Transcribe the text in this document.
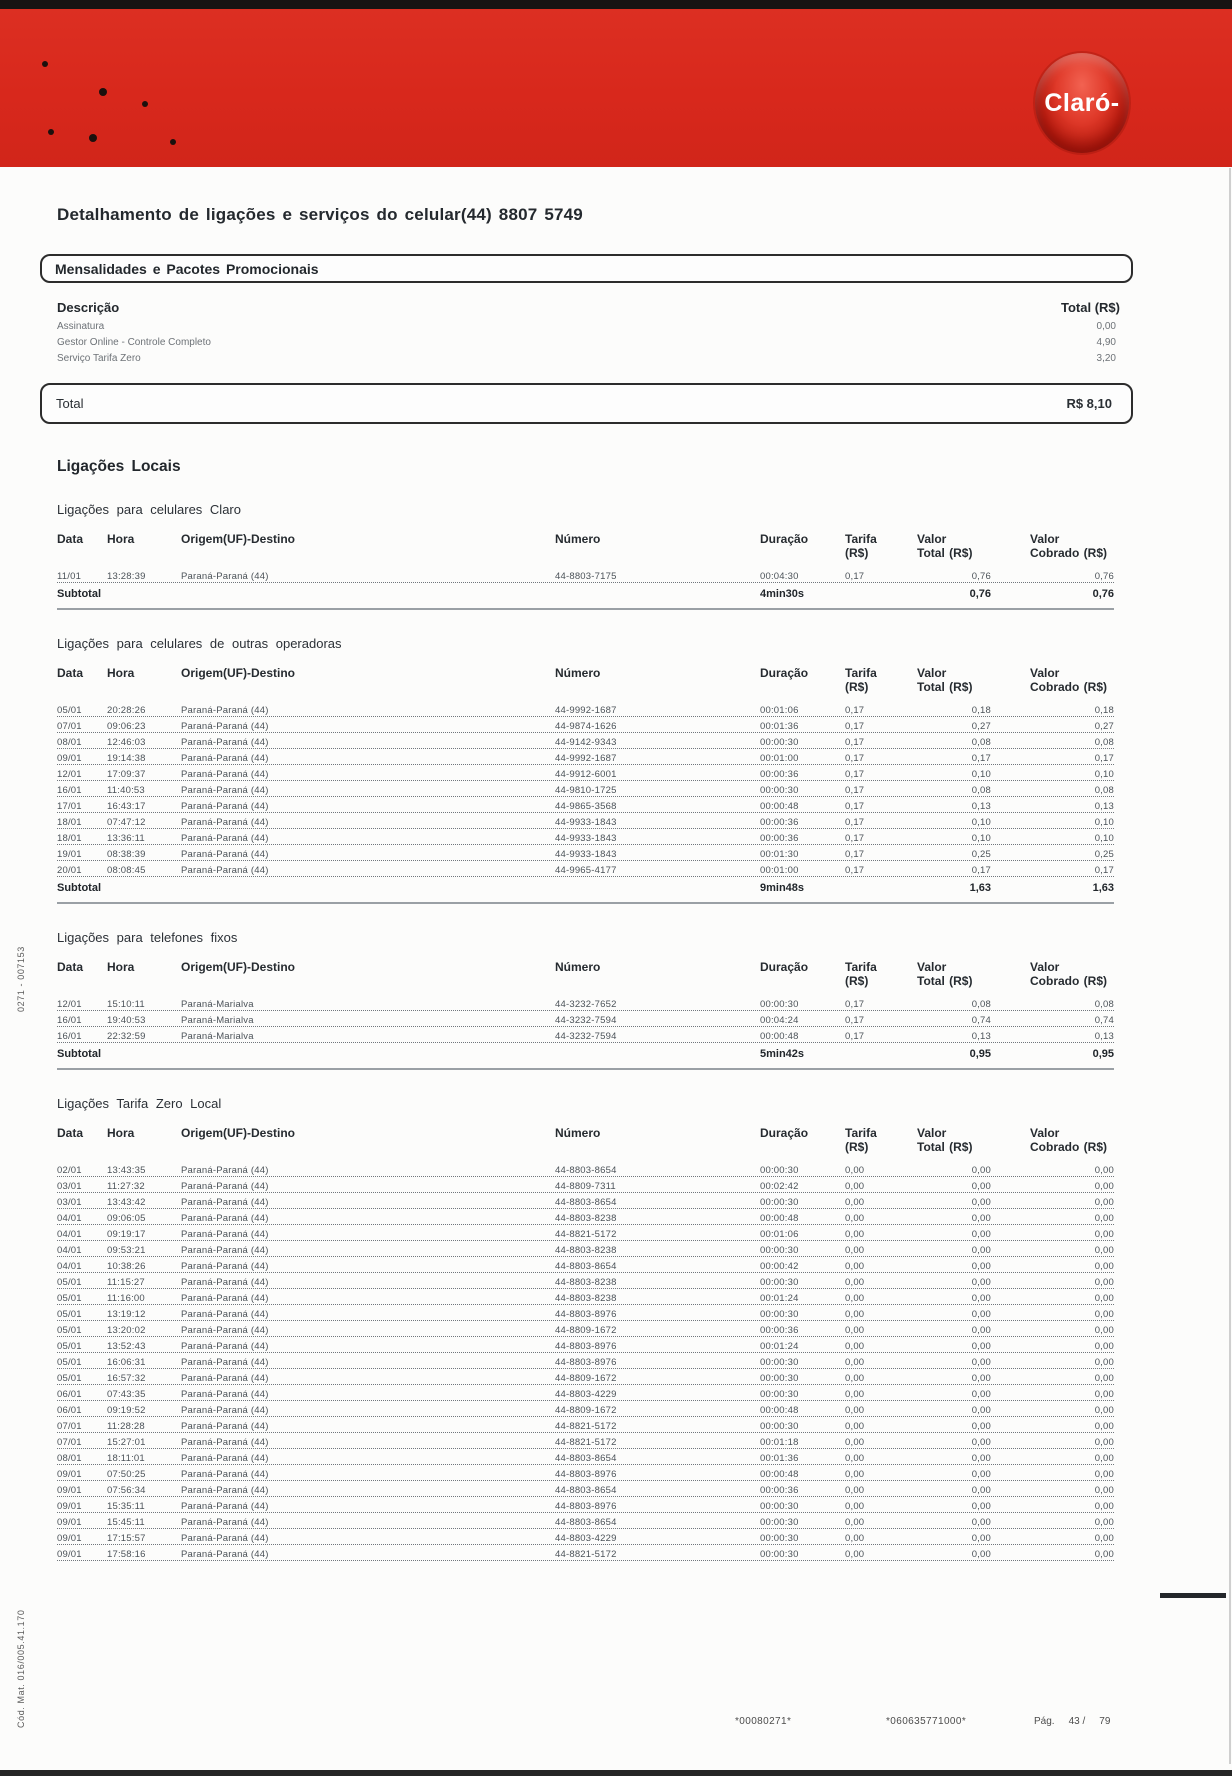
Claró-
Detalhamento de ligações e serviços do celular(44) 8807 5749
Mensalidades e Pacotes Promocionais
Descrição	Total (R$)
Assinatura	0,00
Gestor Online - Controle Completo	4,90
Serviço Tarifa Zero	3,20
Total	R$ 8,10
Ligações Locais
Ligações para celulares Claro
Data	Hora	Origem(UF)-Destino	Número	Duração	Tarifa
(R$)
Valor
Total (R$)
Valor
Cobrado (R$)
11/01	13:28:39	Paraná-Paraná (44)	44-8803-7175	00:04:30	0,17	0,76	0,76
Subtotal	4min30s	0,76	0,76
Ligações para celulares de outras operadoras
Data	Hora	Origem(UF)-Destino	Número	Duração	Tarifa
(R$)
Valor
Total (R$)
Valor
Cobrado (R$)
05/01	20:28:26	Paraná-Paraná (44)	44-9992-1687	00:01:06	0,17	0,18	0,18
07/01	09:06:23	Paraná-Paraná (44)	44-9874-1626	00:01:36	0,17	0,27	0,27
08/01	12:46:03	Paraná-Paraná (44)	44-9142-9343	00:00:30	0,17	0,08	0,08
09/01	19:14:38	Paraná-Paraná (44)	44-9992-1687	00:01:00	0,17	0,17	0,17
12/01	17:09:37	Paraná-Paraná (44)	44-9912-6001	00:00:36	0,17	0,10	0,10
16/01	11:40:53	Paraná-Paraná (44)	44-9810-1725	00:00:30	0,17	0,08	0,08
17/01	16:43:17	Paraná-Paraná (44)	44-9865-3568	00:00:48	0,17	0,13	0,13
18/01	07:47:12	Paraná-Paraná (44)	44-9933-1843	00:00:36	0,17	0,10	0,10
18/01	13:36:11	Paraná-Paraná (44)	44-9933-1843	00:00:36	0,17	0,10	0,10
19/01	08:38:39	Paraná-Paraná (44)	44-9933-1843	00:01:30	0,17	0,25	0,25
20/01	08:08:45	Paraná-Paraná (44)	44-9965-4177	00:01:00	0,17	0,17	0,17
Subtotal	9min48s	1,63	1,63
Ligações para telefones fixos
Data	Hora	Origem(UF)-Destino	Número	Duração	Tarifa
(R$)
Valor
Total (R$)
Valor
Cobrado (R$)
12/01	15:10:11	Paraná-Marialva	44-3232-7652	00:00:30	0,17	0,08	0,08
16/01	19:40:53	Paraná-Marialva	44-3232-7594	00:04:24	0,17	0,74	0,74
16/01	22:32:59	Paraná-Marialva	44-3232-7594	00:00:48	0,17	0,13	0,13
Subtotal	5min42s	0,95	0,95
Ligações Tarifa Zero Local
Data	Hora	Origem(UF)-Destino	Número	Duração	Tarifa
(R$)
Valor
Total (R$)
Valor
Cobrado (R$)
02/01	13:43:35	Paraná-Paraná (44)	44-8803-8654	00:00:30	0,00	0,00	0,00
03/01	11:27:32	Paraná-Paraná (44)	44-8809-7311	00:02:42	0,00	0,00	0,00
03/01	13:43:42	Paraná-Paraná (44)	44-8803-8654	00:00:30	0,00	0,00	0,00
04/01	09:06:05	Paraná-Paraná (44)	44-8803-8238	00:00:48	0,00	0,00	0,00
04/01	09:19:17	Paraná-Paraná (44)	44-8821-5172	00:01:06	0,00	0,00	0,00
04/01	09:53:21	Paraná-Paraná (44)	44-8803-8238	00:00:30	0,00	0,00	0,00
04/01	10:38:26	Paraná-Paraná (44)	44-8803-8654	00:00:42	0,00	0,00	0,00
05/01	11:15:27	Paraná-Paraná (44)	44-8803-8238	00:00:30	0,00	0,00	0,00
05/01	11:16:00	Paraná-Paraná (44)	44-8803-8238	00:01:24	0,00	0,00	0,00
05/01	13:19:12	Paraná-Paraná (44)	44-8803-8976	00:00:30	0,00	0,00	0,00
05/01	13:20:02	Paraná-Paraná (44)	44-8809-1672	00:00:36	0,00	0,00	0,00
05/01	13:52:43	Paraná-Paraná (44)	44-8803-8976	00:01:24	0,00	0,00	0,00
05/01	16:06:31	Paraná-Paraná (44)	44-8803-8976	00:00:30	0,00	0,00	0,00
05/01	16:57:32	Paraná-Paraná (44)	44-8809-1672	00:00:30	0,00	0,00	0,00
06/01	07:43:35	Paraná-Paraná (44)	44-8803-4229	00:00:30	0,00	0,00	0,00
06/01	09:19:52	Paraná-Paraná (44)	44-8809-1672	00:00:48	0,00	0,00	0,00
07/01	11:28:28	Paraná-Paraná (44)	44-8821-5172	00:00:30	0,00	0,00	0,00
07/01	15:27:01	Paraná-Paraná (44)	44-8821-5172	00:01:18	0,00	0,00	0,00
08/01	18:11:01	Paraná-Paraná (44)	44-8803-8654	00:01:36	0,00	0,00	0,00
09/01	07:50:25	Paraná-Paraná (44)	44-8803-8976	00:00:48	0,00	0,00	0,00
09/01	07:56:34	Paraná-Paraná (44)	44-8803-8654	00:00:36	0,00	0,00	0,00
09/01	15:35:11	Paraná-Paraná (44)	44-8803-8976	00:00:30	0,00	0,00	0,00
09/01	15:45:11	Paraná-Paraná (44)	44-8803-8654	00:00:30	0,00	0,00	0,00
09/01	17:15:57	Paraná-Paraná (44)	44-8803-4229	00:00:30	0,00	0,00	0,00
09/01	17:58:16	Paraná-Paraná (44)	44-8821-5172	00:00:30	0,00	0,00	0,00
*00080271*	*060635771000*	Pág. 43 / 79
0271 - 007153
Cód. Mat. 016/005.41.170
